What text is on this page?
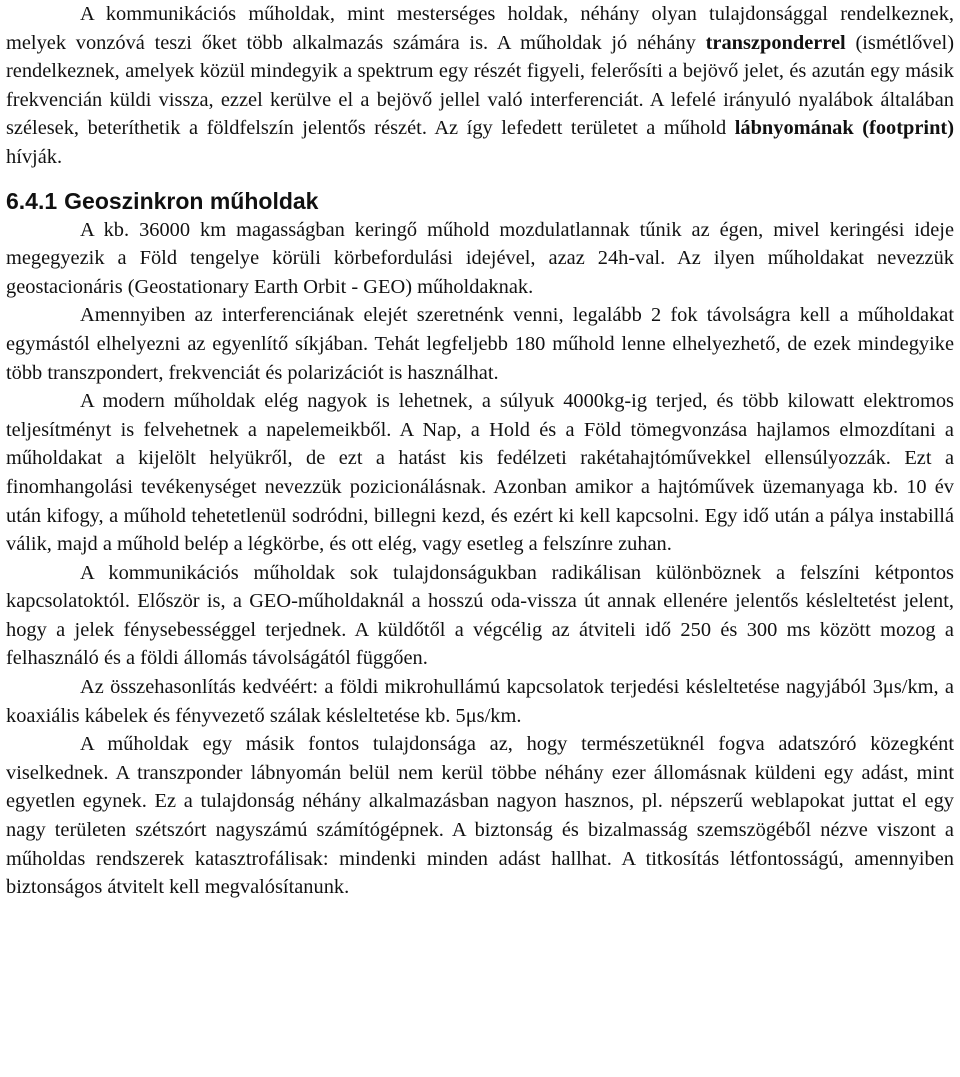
A kommunikációs műholdak, mint mesterséges holdak, néhány olyan tulajdonsággal rendelkeznek, melyek vonzóvá teszi őket több alkalmazás számára is. A műholdak jó néhány transzponderrel (ismétlővel) rendelkeznek, amelyek közül mindegyik a spektrum egy részét figyeli, felerősíti a bejövő jelet, és azután egy másik frekvencián küldi vissza, ezzel kerülve el a bejövő jellel való interferenciát. A lefelé irányuló nyalábok általában szélesek, beteríthetik a földfelszín jelentős részét. Az így lefedett területet a műhold lábnyomának (footprint) hívják.

6.4.1 Geoszinkron műholdak

A kb. 36000 km magasságban keringő műhold mozdulatlannak tűnik az égen, mivel keringési ideje megegyezik a Föld tengelye körüli körbefordulási idejével, azaz 24h-val. Az ilyen műholdakat nevezzük geostacionáris (Geostationary Earth Orbit - GEO) műholdaknak.

Amennyiben az interferenciának elejét szeretnénk venni, legalább 2 fok távolságra kell a műholdakat egymástól elhelyezni az egyenlítő síkjában. Tehát legfeljebb 180 műhold lenne elhelyezhető, de ezek mindegyike több transzpondert, frekvenciát és polarizációt is használhat.

A modern műholdak elég nagyok is lehetnek, a súlyuk 4000kg-ig terjed, és több kilowatt elektromos teljesítményt is felvehetnek a napelemeikből. A Nap, a Hold és a Föld tömegvonzása hajlamos elmozdítani a műholdakat a kijelölt helyükről, de ezt a hatást kis fedélzeti rakétahajtóművekkel ellensúlyozzák. Ezt a finomhangolási tevékenységet nevezzük pozicionálásnak. Azonban amikor a hajtóművek üzemanyaga kb. 10 év után kifogy, a műhold tehetetlenül sodródni, billegni kezd, és ezért ki kell kapcsolni. Egy idő után a pálya instabillá válik, majd a műhold belép a légkörbe, és ott elég, vagy esetleg a felszínre zuhan.

A kommunikációs műholdak sok tulajdonságukban radikálisan különböznek a felszíni kétpontos kapcsolatoktól. Először is, a GEO-műholdaknál a hosszú oda-vissza út annak ellenére jelentős késleltetést jelent, hogy a jelek fénysebességgel terjednek. A küldőtől a végcélig az átviteli idő 250 és 300 ms között mozog a felhasználó és a földi állomás távolságától függően.

Az összehasonlítás kedvéért: a földi mikrohullámú kapcsolatok terjedési késleltetése nagyjából 3μs/km, a koaxiális kábelek és fényvezető szálak késleltetése kb. 5μs/km.

A műholdak egy másik fontos tulajdonsága az, hogy természetüknél fogva adatszóró közegként viselkednek. A transzponder lábnyomán belül nem kerül többe néhány ezer állomásnak küldeni egy adást, mint egyetlen egynek. Ez a tulajdonság néhány alkalmazásban nagyon hasznos, pl. népszerű weblapokat juttat el egy nagy területen szétszórt nagyszámú számítógépnek. A biztonság és bizalmasság szemszögéből nézve viszont a műholdas rendszerek katasztrofálisak: mindenki minden adást hallhat. A titkosítás létfontosságú, amennyiben biztonságos átvitelt kell megvalósítanunk.
